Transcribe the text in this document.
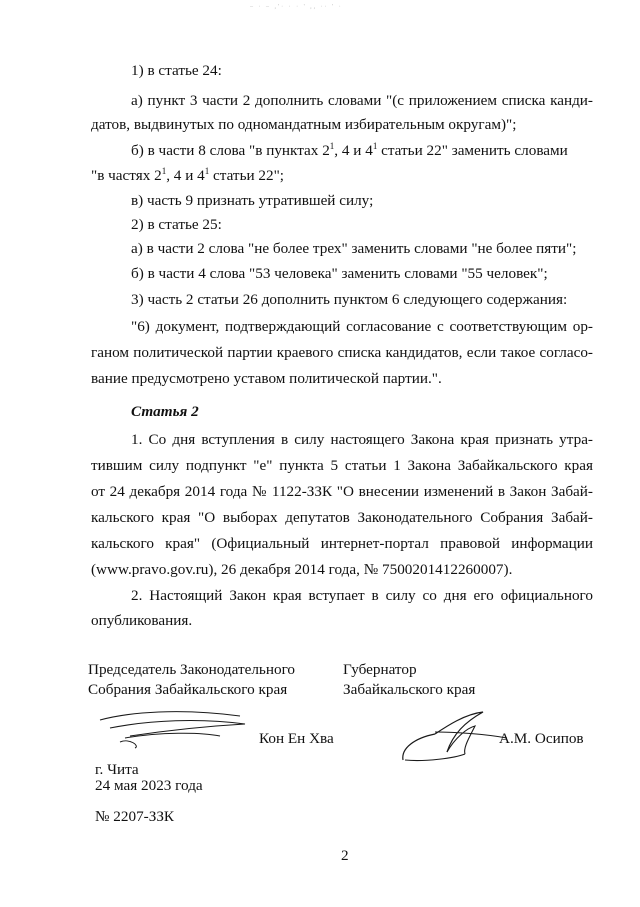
– · – ,'· · · ' ,, ·· ' ·
1) в статье 24:
а) пункт 3 части 2 дополнить словами "(с приложением списка канди-
датов, выдвинутых по одномандатным избирательным округам)";
б) в части 8 слова "в пунктах $2^1$, 4 и $4^1$ статьи 22" заменить словами
"в частях $2^1$, 4 и $4^1$ статьи 22";
в) часть 9 признать утратившей силу;
2) в статье 25:
а) в части 2 слова "не более трех" заменить словами "не более пяти";
б) в части 4 слова "53 человека" заменить словами "55 человек";
3) часть 2 статьи 26 дополнить пунктом 6 следующего содержания:
"6) документ, подтверждающий согласование с соответствующим ор-
ганом политической партии краевого списка кандидатов, если такое согласо-
вание предусмотрено уставом политической партии.".
Статья 2
1. Со дня вступления в силу настоящего Закона края признать утра-
тившим силу подпункт "е" пункта 5 статьи 1 Закона Забайкальского края
от 24 декабря 2014 года № 1122-ЗЗК "О внесении изменений в Закон Забай-
кальского края "О выборах депутатов Законодательного Собрания Забай-
кальского края" (Официальный интернет-портал правовой информации
(www.pravo.gov.ru), 26 декабря 2014 года, № 7500201412260007).
2. Настоящий Закон края вступает в силу со дня его официального
опубликования.
Председатель Законодательного
Собрания Забайкальского края
Губернатор
Забайкальского края
Кон Ен Хва	А.М. Осипов
г. Чита
24 мая 2023 года
№ 2207-ЗЗК
2
